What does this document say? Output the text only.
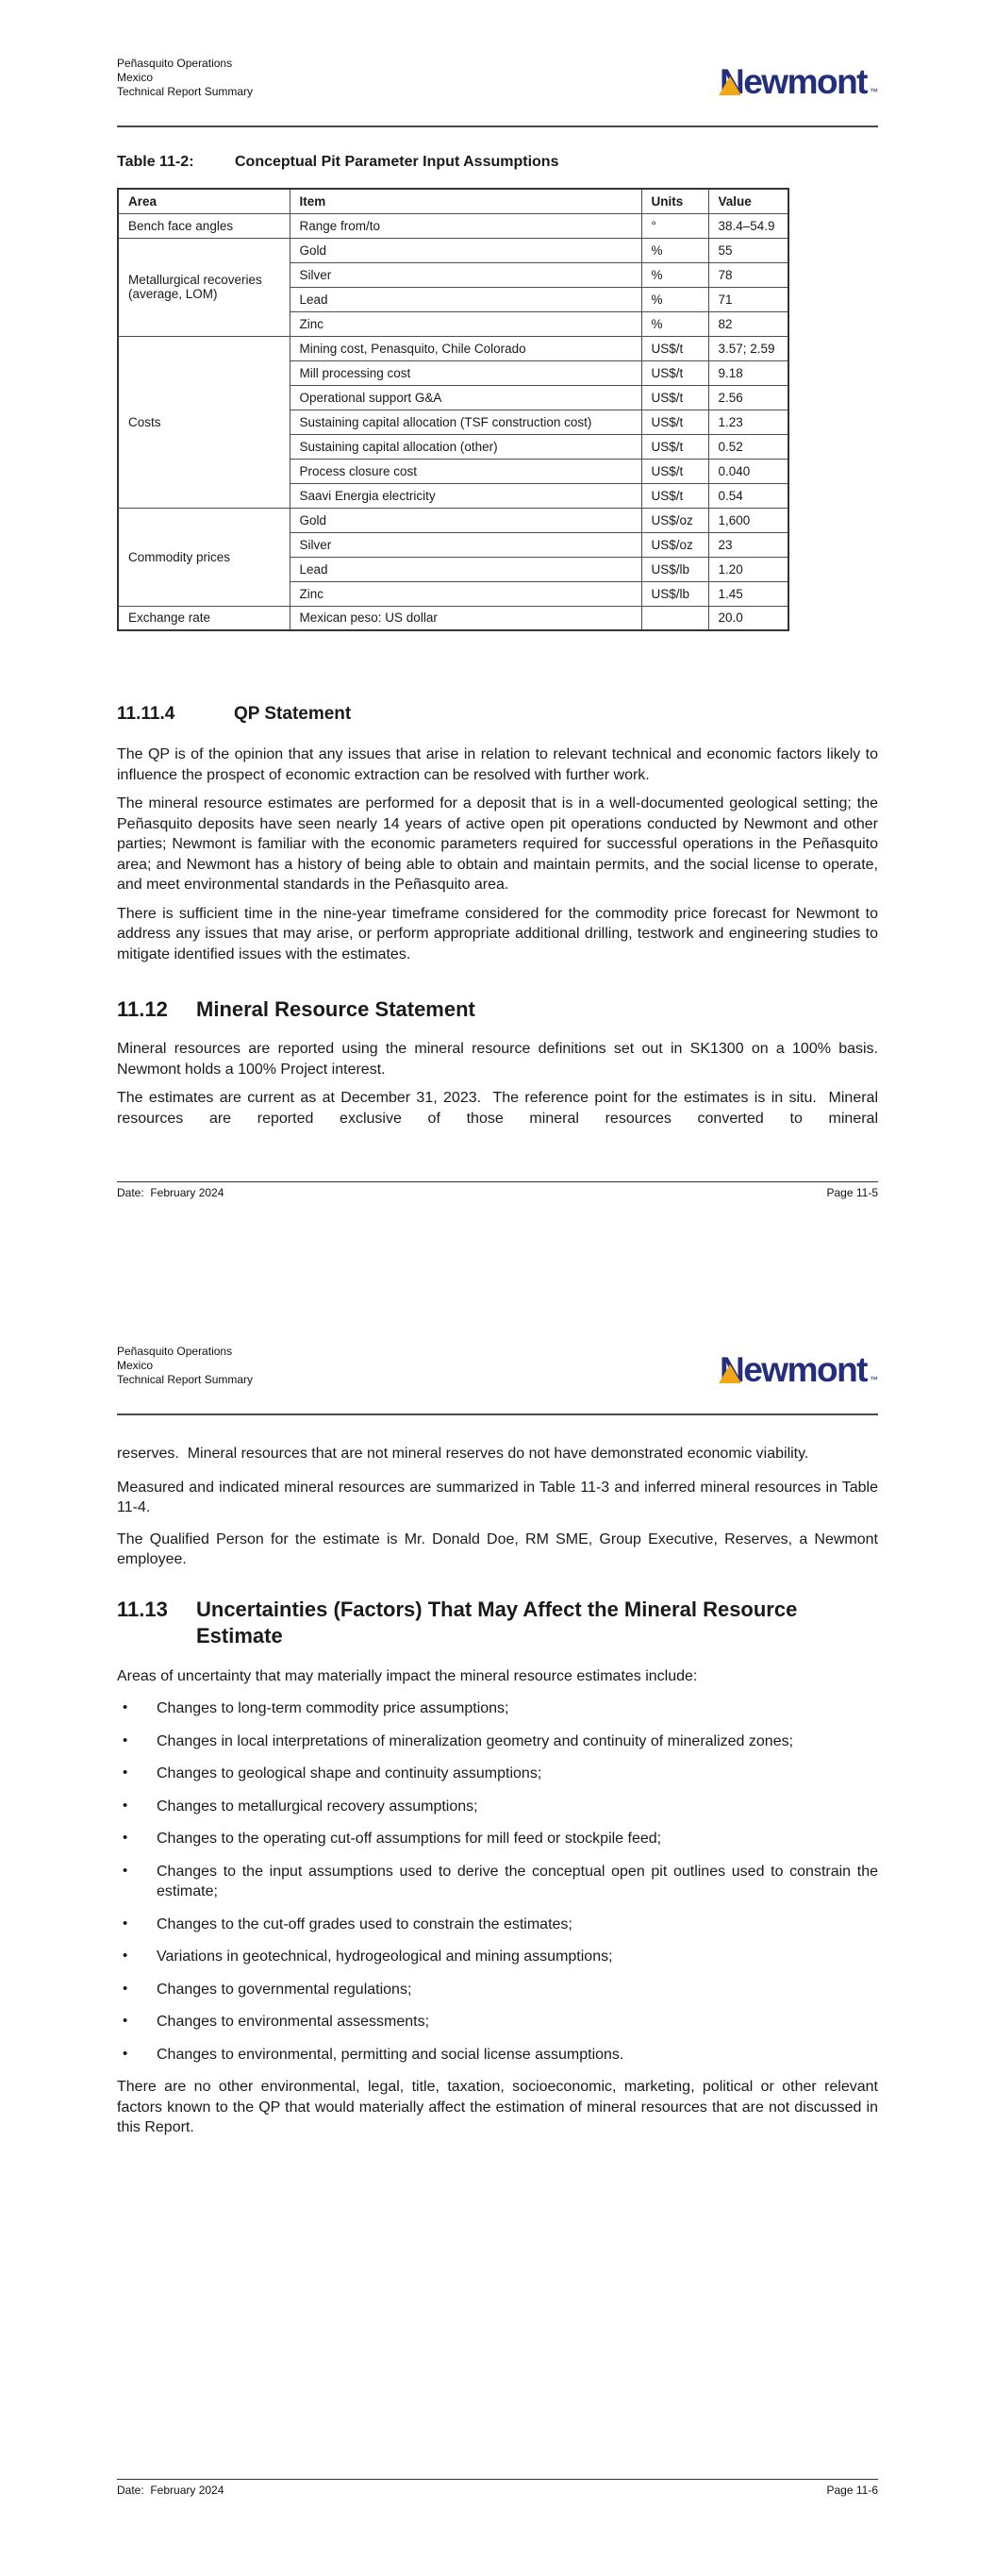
Peñasquito Operations
Mexico
Technical Report Summary	Newmont ™
Table 11-2:	Conceptual Pit Parameter Input Assumptions
Area	Item	Units	Value
Bench face angles	Range from/to	°	38.4–54.9
Metallurgical recoveries (average, LOM)	Gold	%	55
	Silver	%	78
	Lead	%	71
	Zinc	%	82
Costs	Mining cost, Penasquito, Chile Colorado	US$/t	3.57; 2.59
	Mill processing cost	US$/t	9.18
	Operational support G&A	US$/t	2.56
	Sustaining capital allocation (TSF construction cost)	US$/t	1.23
	Sustaining capital allocation (other)	US$/t	0.52
	Process closure cost	US$/t	0.040
	Saavi Energia electricity	US$/t	0.54
Commodity prices	Gold	US$/oz	1,600
	Silver	US$/oz	23
	Lead	US$/lb	1.20
	Zinc	US$/lb	1.45
Exchange rate	Mexican peso: US dollar		20.0
11.11.4	QP Statement

The QP is of the opinion that any issues that arise in relation to relevant technical and economic factors likely to influence the prospect of economic extraction can be resolved with further work.

The mineral resource estimates are performed for a deposit that is in a well-documented geological setting; the Peñasquito deposits have seen nearly 14 years of active open pit operations conducted by Newmont and other parties; Newmont is familiar with the economic parameters required for successful operations in the Peñasquito area; and Newmont has a history of being able to obtain and maintain permits, and the social license to operate, and meet environmental standards in the Peñasquito area.

There is sufficient time in the nine-year timeframe considered for the commodity price forecast for Newmont to address any issues that may arise, or perform appropriate additional drilling, testwork and engineering studies to mitigate identified issues with the estimates.

11.12	Mineral Resource Statement

Mineral resources are reported using the mineral resource definitions set out in SK1300 on a 100% basis.  Newmont holds a 100% Project interest.

The estimates are current as at December 31, 2023.  The reference point for the estimates is in situ.  Mineral resources are reported exclusive of those mineral resources converted to mineral

Date:  February 2024	Page 11-5
Peñasquito Operations
Mexico
Technical Report Summary	Newmont ™

reserves.  Mineral resources that are not mineral reserves do not have demonstrated economic viability.

Measured and indicated mineral resources are summarized in Table 11-3 and inferred mineral resources in Table 11-4.

The Qualified Person for the estimate is Mr. Donald Doe, RM SME, Group Executive, Reserves, a Newmont employee.

11.13	Uncertainties (Factors) That May Affect the Mineral Resource Estimate

Areas of uncertainty that may materially impact the mineral resource estimates include:

• Changes to long-term commodity price assumptions;
• Changes in local interpretations of mineralization geometry and continuity of mineralized zones;
• Changes to geological shape and continuity assumptions;
• Changes to metallurgical recovery assumptions;
• Changes to the operating cut-off assumptions for mill feed or stockpile feed;
• Changes to the input assumptions used to derive the conceptual open pit outlines used to constrain the estimate;
• Changes to the cut-off grades used to constrain the estimates;
• Variations in geotechnical, hydrogeological and mining assumptions;
• Changes to governmental regulations;
• Changes to environmental assessments;
• Changes to environmental, permitting and social license assumptions.

There are no other environmental, legal, title, taxation, socioeconomic, marketing, political or other relevant factors known to the QP that would materially affect the estimation of mineral resources that are not discussed in this Report.

Date:  February 2024	Page 11-6
